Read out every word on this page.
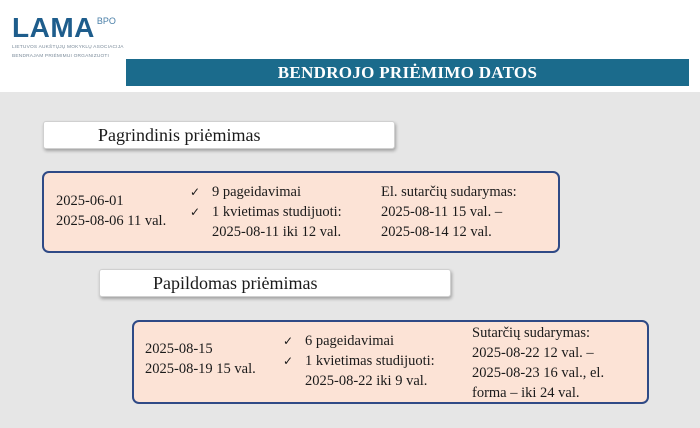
LAMA BPO
LIETUVOS AUKŠTŲJŲ MOKYKLŲ ASOCIACIJA
BENDRAJAM PRIĖMIMUI ORGANIZUOTI
BENDROJO PRIĖMIMO DATOS
Pagrindinis priėmimas
2025-06-01
2025-08-06 11 val.
✓ 9 pageidavimai
✓ 1 kvietimas studijuoti:
2025-08-11 iki 12 val.
El. sutarčių sudarymas:
2025-08-11 15 val. –
2025-08-14 12 val.
Papildomas priėmimas
2025-08-15
2025-08-19 15 val.
✓ 6 pageidavimai
✓ 1 kvietimas studijuoti:
2025-08-22 iki 9 val.
Sutarčių sudarymas:
2025-08-22 12 val. –
2025-08-23 16 val., el.
forma – iki 24 val.
